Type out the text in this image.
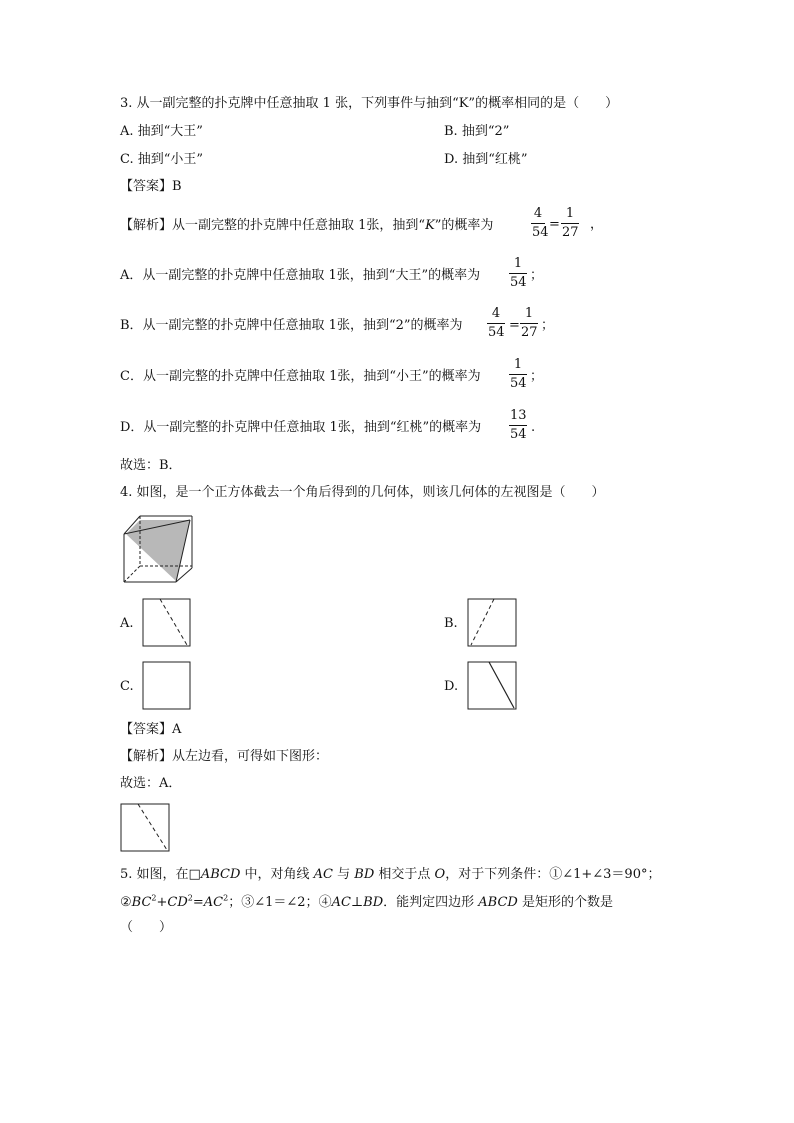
3. 从一副完整的扑克牌中任意抽取 1 张，下列事件与抽到“K”的概率相同的是（　　）
A. 抽到“大王”	B. 抽到“2”
C. 抽到“小王”	D. 抽到“红桃”
【答案】B
【解析】从一副完整的扑克牌中任意抽取 1张，抽到“K”的概率为
4
54
=
1
27
，
A．从一副完整的扑克牌中任意抽取 1张，抽到“大王”的概率为
1
54 ；
B．从一副完整的扑克牌中任意抽取 1张，抽到“2”的概率为
4
54 =
1
27 ；
C．从一副完整的扑克牌中任意抽取 1张，抽到“小王”的概率为
1
54 ；
D．从一副完整的扑克牌中任意抽取 1张，抽到“红桃”的概率为
13
54 .
故选：B．
4. 如图，是一个正方体截去一个角后得到的几何体，则该几何体的左视图是（　　）
A.	B.
C.	D.
【答案】A
【解析】从左边看，可得如下图形：
故选：A．
5. 如图，在□ABCD 中，对角线 AC 与 BD 相交于点 O，对于下列条件：①∠1+∠3＝90°；
$②BC^2+CD^2=AC^2$；③∠1＝∠2；④AC⊥BD．能判定四边形 ABCD 是矩形的个数是
（　　）
